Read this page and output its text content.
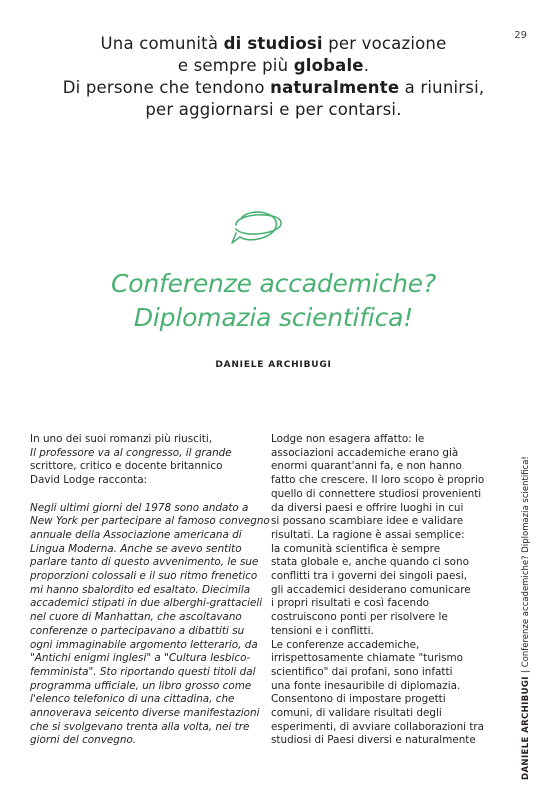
29
Una comunità di studiosi per vocazione
e sempre più globale.
Di persone che tendono naturalmente a riunirsi,
per aggiornarsi e per contarsi.
Conferenze accademiche?
Diplomazia scientifica!
DANIELE ARCHIBUGI
In uno dei suoi romanzi più riusciti,
Il professore va al congresso, il grande
scrittore, critico e docente britannico
David Lodge racconta:
Negli ultimi giorni del 1978 sono andato a
New York per partecipare al famoso convegno
annuale della Associazione americana di
Lingua Moderna. Anche se avevo sentito
parlare tanto di questo avvenimento, le sue
proporzioni colossali e il suo ritmo frenetico
mi hanno sbalordito ed esaltato. Diecimila
accademici stipati in due alberghi-grattacieli
nel cuore di Manhattan, che ascoltavano
conferenze o partecipavano a dibattiti su
ogni immaginabile argomento letterario, da
"Antichi enigmi inglesi" a "Cultura lesbico-
femminista". Sto riportando questi titoli dal
programma ufficiale, un libro grosso come
l'elenco telefonico di una cittadina, che
annoverava seicento diverse manifestazioni
che si svolgevano trenta alla volta, nei tre
giorni del convegno.
Lodge non esagera affatto: le
associazioni accademiche erano già
enormi quarant'anni fa, e non hanno
fatto che crescere. Il loro scopo è proprio
quello di connettere studiosi provenienti
da diversi paesi e offrire luoghi in cui
si possano scambiare idee e validare
risultati. La ragione è assai semplice:
la comunità scientifica è sempre
stata globale e, anche quando ci sono
conflitti tra i governi dei singoli paesi,
gli accademici desiderano comunicare
i propri risultati e così facendo
costruiscono ponti per risolvere le
tensioni e i conflitti.
Le conferenze accademiche,
irrispettosamente chiamate "turismo
scientifico" dai profani, sono infatti
una fonte inesauribile di diplomazia.
Consentono di impostare progetti
comuni, di validare risultati degli
esperimenti, di avviare collaborazioni tra
studiosi di Paesi diversi e naturalmente	DANIELE ARCHIBUGI|Conferenze accademiche? Diplomazia scientifica!
